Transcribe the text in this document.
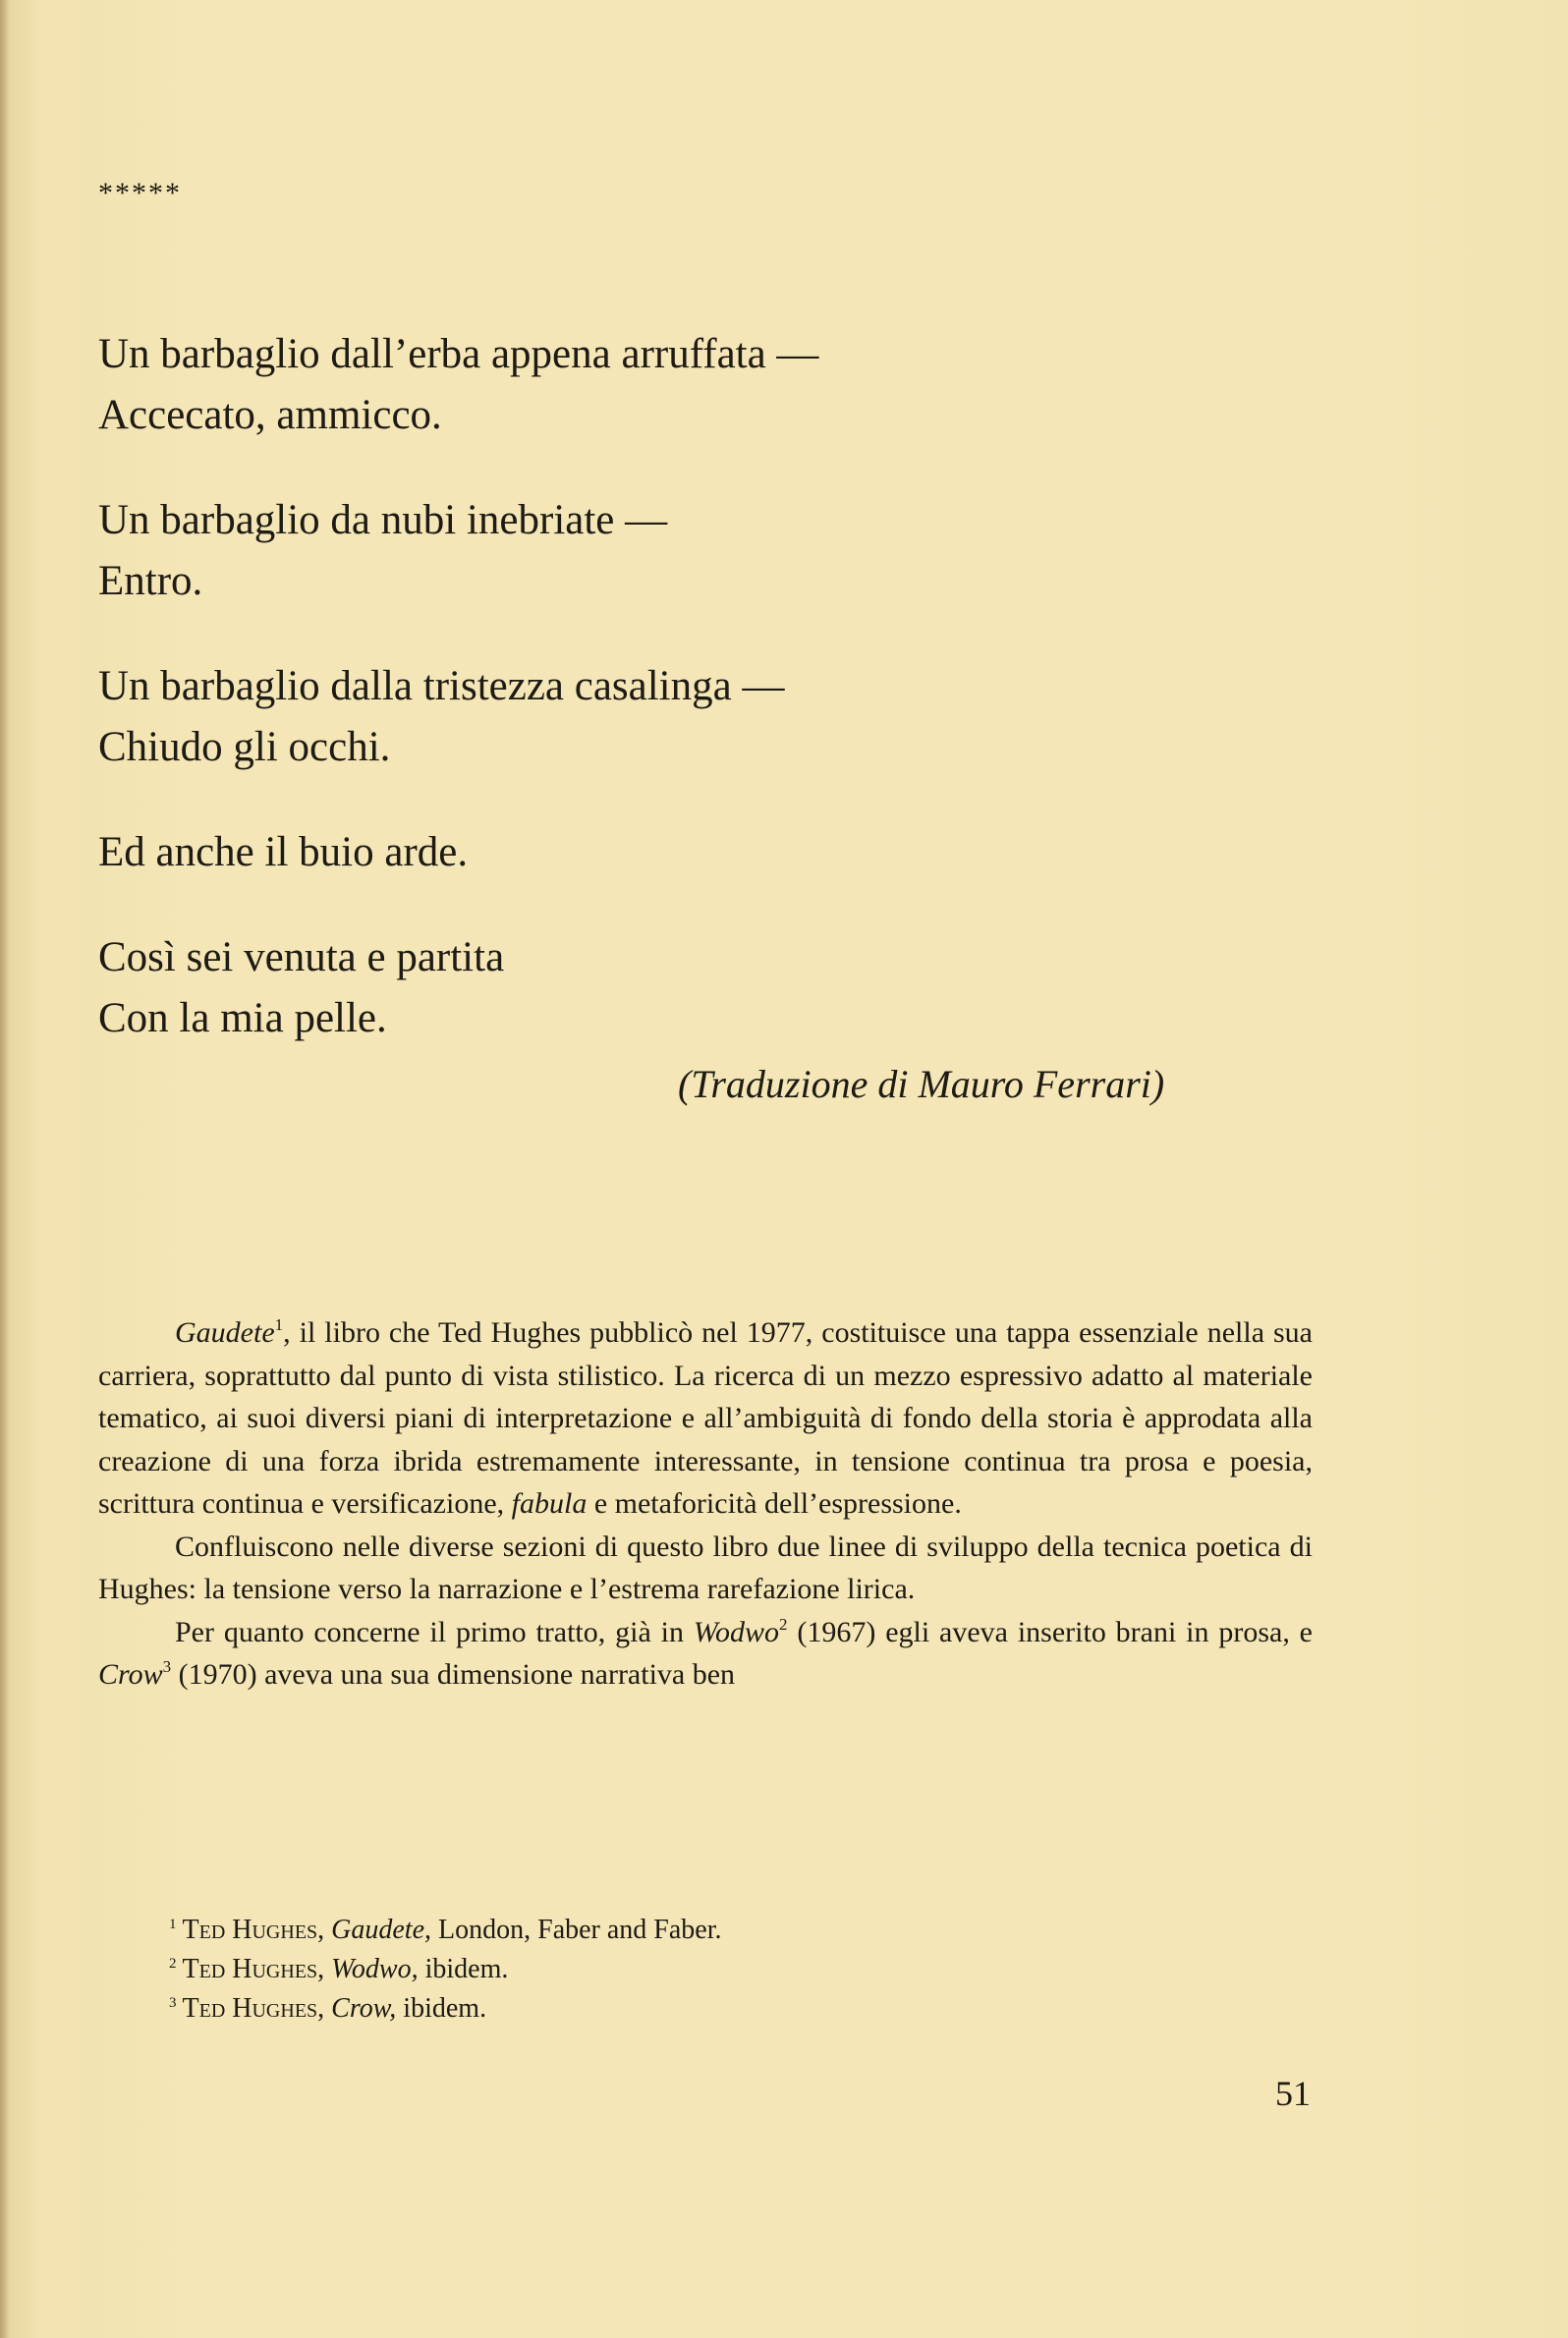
*****

Un barbaglio dall’erba appena arruffata —

Accecato, ammicco.

Un barbaglio da nubi inebriate —

Entro.

Un barbaglio dalla tristezza casalinga —

Chiudo gli occhi.

Ed anche il buio arde.

Così sei venuta e partita

Con la mia pelle.

(Traduzione di Mauro Ferrari)

Gaudete$^1$, il libro che Ted Hughes pubblicò nel 1977, costituisce una tappa essenziale nella sua carriera, soprattutto dal punto di vista stilistico. La ricerca di un mezzo espressivo adatto al materiale tematico, ai suoi diversi piani di interpretazione e all’ambiguità di fondo della storia è approdata alla creazione di una forza ibrida estremamente interessante, in tensione continua tra prosa e poesia, scrittura continua e versificazione, fabula e metaforicità dell’espressione.

Confluiscono nelle diverse sezioni di questo libro due linee di sviluppo della tecnica poetica di Hughes: la tensione verso la narrazione e l’estrema rarefazione lirica.

Per quanto concerne il primo tratto, già in Wodwo$^2$ (1967) egli aveva inserito brani in prosa, e Crow$^3$ (1970) aveva una sua dimensione narrativa ben

$^1$ Ted Hughes, Gaudete, London, Faber and Faber.

$^2$ Ted Hughes, Wodwo, ibidem.

$^3$ Ted Hughes, Crow, ibidem.

51
